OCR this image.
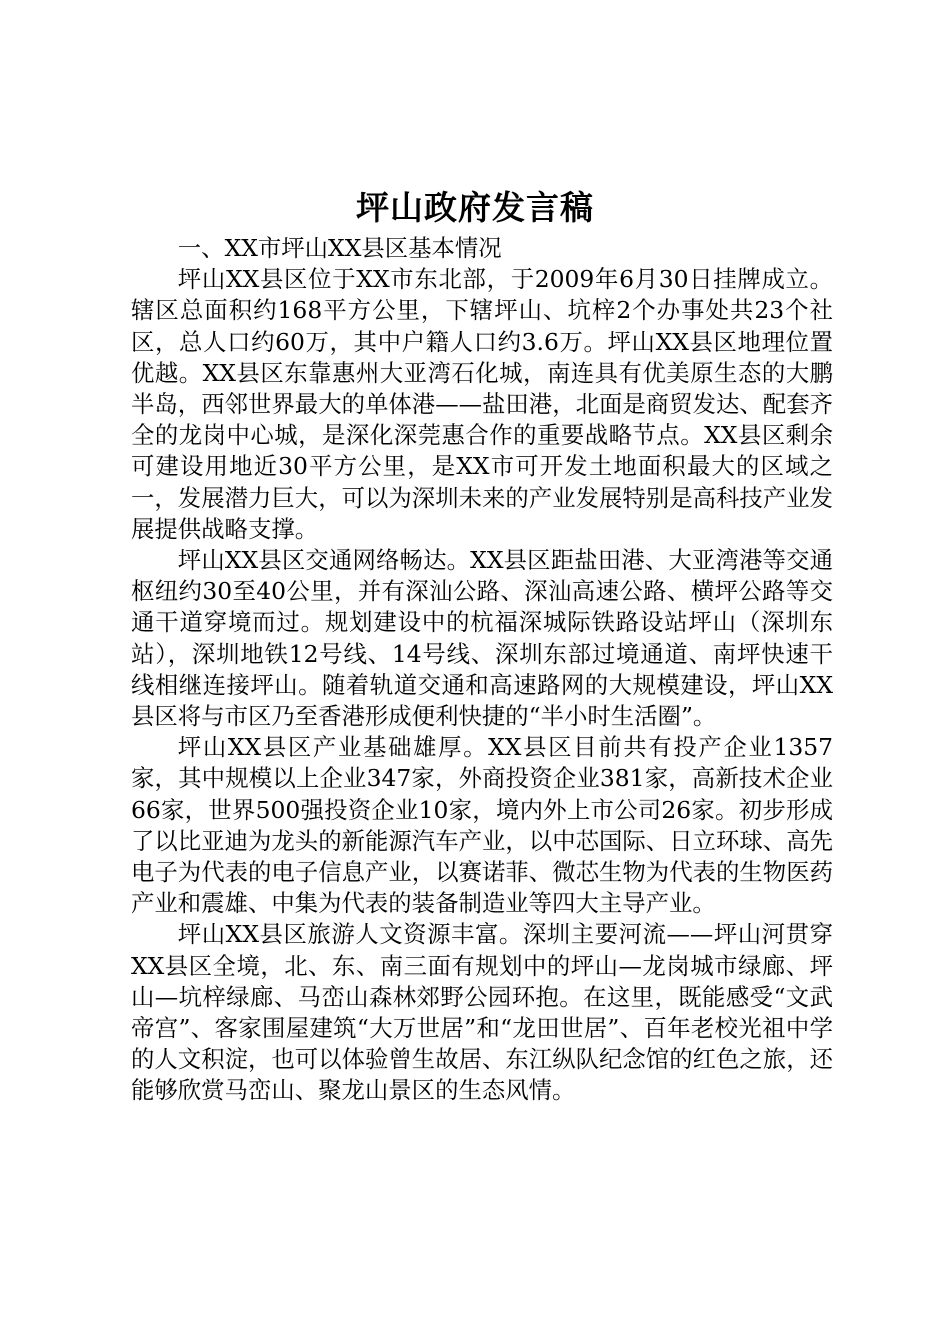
坪山政府发言稿

一、XX市坪山XX县区基本情况

坪山XX县区位于XX市东北部，于2009年6月30日挂牌成立。辖区总面积约168平方公里，下辖坪山、坑梓2个办事处共23个社区，总人口约60万，其中户籍人口约3.6万。坪山XX县区地理位置优越。XX县区东靠惠州大亚湾石化城，南连具有优美原生态的大鹏半岛，西邻世界最大的单体港——盐田港，北面是商贸发达、配套齐全的龙岗中心城，是深化深莞惠合作的重要战略节点。XX县区剩余可建设用地近30平方公里，是XX市可开发土地面积最大的区域之一，发展潜力巨大，可以为深圳未来的产业发展特别是高科技产业发展提供战略支撑。

坪山XX县区交通网络畅达。XX县区距盐田港、大亚湾港等交通枢纽约30至40公里，并有深汕公路、深汕高速公路、横坪公路等交通干道穿境而过。规划建设中的杭福深城际铁路设站坪山（深圳东站），深圳地铁12号线、14号线、深圳东部过境通道、南坪快速干线相继连接坪山。随着轨道交通和高速路网的大规模建设，坪山XX县区将与市区乃至香港形成便利快捷的“半小时生活圈”。

坪山XX县区产业基础雄厚。XX县区目前共有投产企业1357家，其中规模以上企业347家，外商投资企业381家，高新技术企业66家，世界500强投资企业10家，境内外上市公司26家。初步形成了以比亚迪为龙头的新能源汽车产业，以中芯国际、日立环球、高先电子为代表的电子信息产业，以赛诺菲、微芯生物为代表的生物医药产业和震雄、中集为代表的装备制造业等四大主导产业。

坪山XX县区旅游人文资源丰富。深圳主要河流——坪山河贯穿XX县区全境，北、东、南三面有规划中的坪山—龙岗城市绿廊、坪山—坑梓绿廊、马峦山森林郊野公园环抱。在这里，既能感受“文武帝宫”、客家围屋建筑“大万世居”和“龙田世居”、百年老校光祖中学的人文积淀，也可以体验曾生故居、东江纵队纪念馆的红色之旅，还能够欣赏马峦山、聚龙山景区的生态风情。
